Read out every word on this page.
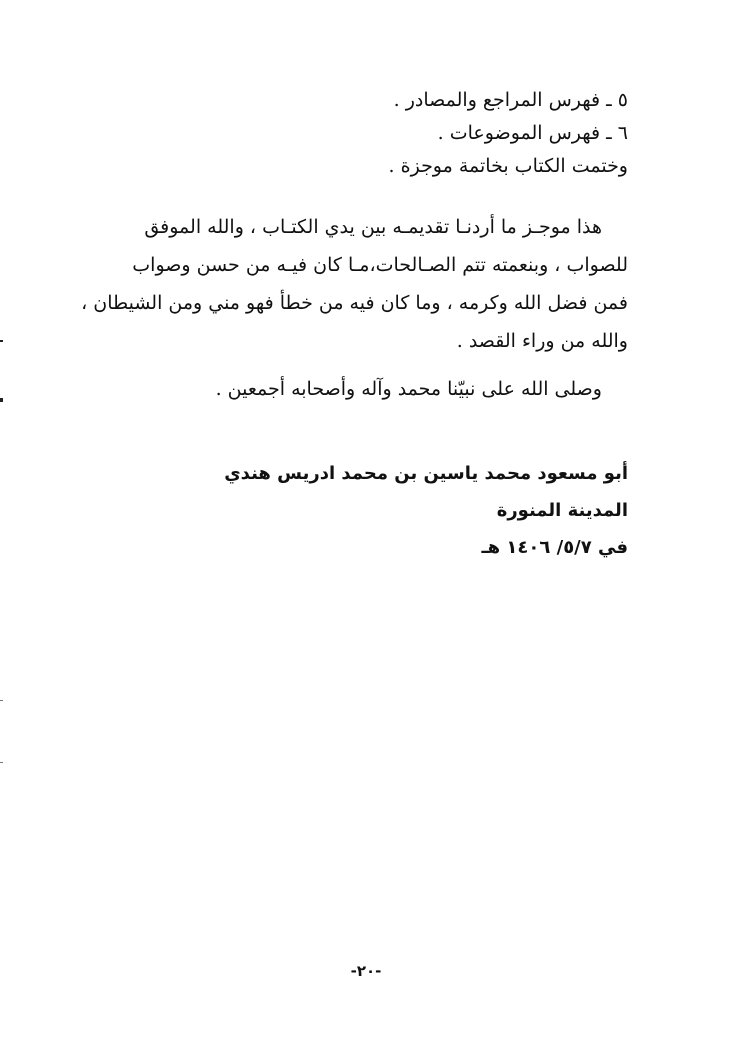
٥ ـ فهرس المراجع والمصادر .
٦ ـ فهرس الموضوعات .
وختمت الكتاب بخاتمة موجزة .
هذا موجـز ما أردنـا تقديمـه بين يدي الكتـاب ، والله الموفق
للصواب ، وبنعمته تتم الصـالحات،مـا كان فيـه من حسن وصواب
فمن فضل الله وكرمه ، وما كان فيه من خطأ فهو مني ومن الشيطان ،
والله من وراء القصد .
وصلى الله على نبيّنا محمد وآله وأصحابه أجمعين .
أبو مسعود محمد ياسين بن محمد ادريس هندي
المدينة المنورة
في ٥/٧/ ١٤٠٦ هـ
-٢٠-
